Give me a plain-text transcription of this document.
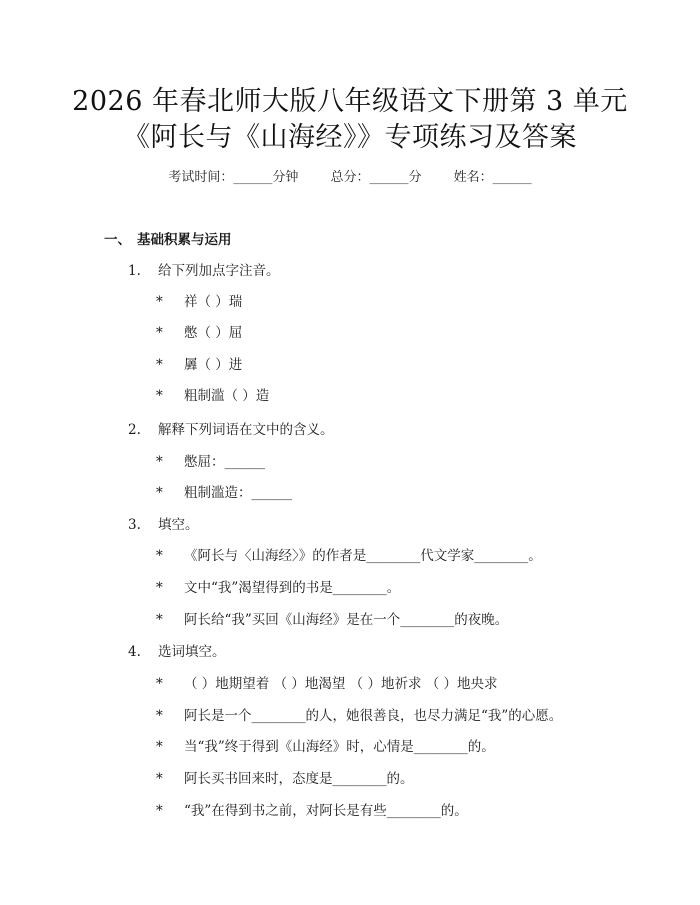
2026 年春北师大版八年级语文下册第 3 单元
《阿长与《山海经》》专项练习及答案
考试时间：______分钟 总分：______分 姓名：______
一、 基础积累与运用
1. 给下列加点字注音。
* 祥（ ）瑞
* 憋（ ）屈
* 羼（ ）进
* 粗制滥（ ）造
2. 解释下列词语在文中的含义。
* 憋屈：______
* 粗制滥造：______
3. 填空。
* 《阿长与〈山海经〉》的作者是________代文学家________。
* 文中“我”渴望得到的书是________。
* 阿长给“我”买回《山海经》是在一个________的夜晚。
4. 选词填空。
* （ ）地期望着 （ ）地渴望 （ ）地祈求 （ ）地央求
* 阿长是一个________的人，她很善良，也尽力满足“我”的心愿。
* 当“我”终于得到《山海经》时，心情是________的。
* 阿长买书回来时，态度是________的。
* “我”在得到书之前，对阿长是有些________的。
